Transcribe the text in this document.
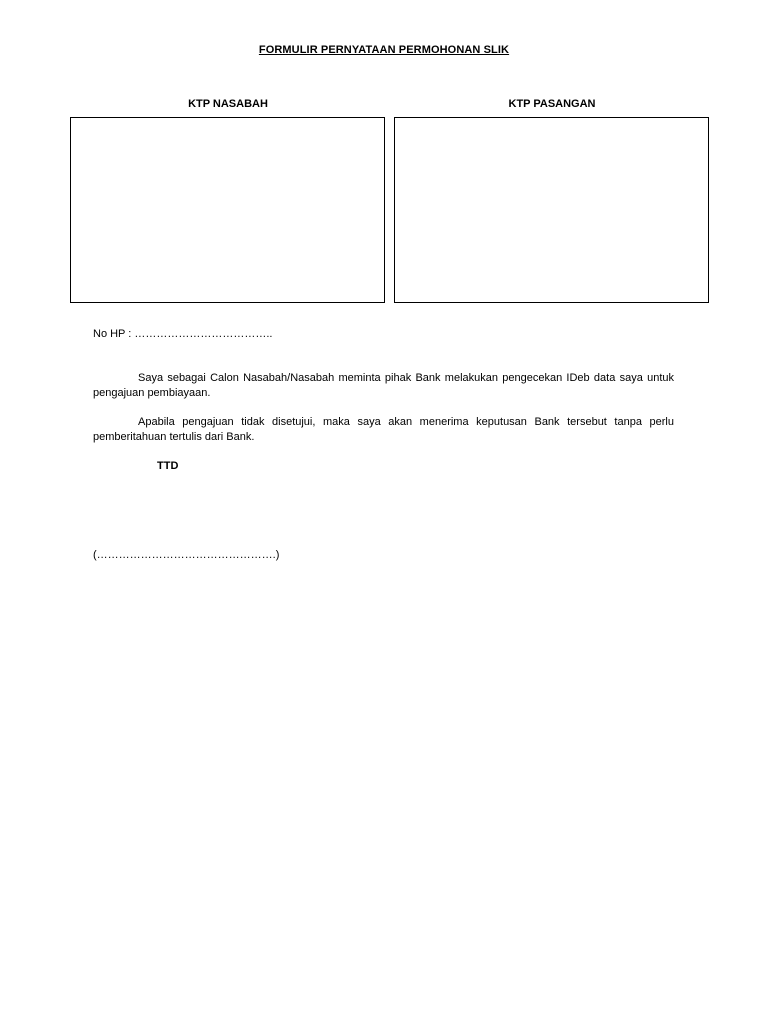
FORMULIR PERNYATAAN PERMOHONAN SLIK
KTP NASABAH	KTP PASANGAN
No HP : ………………………………..
Saya sebagai Calon Nasabah/Nasabah meminta pihak Bank melakukan pengecekan IDeb data saya untuk pengajuan pembiayaan.
Apabila pengajuan tidak disetujui, maka saya akan menerima keputusan Bank tersebut tanpa perlu pemberitahuan tertulis dari Bank.
TTD
(………………………………………….)
